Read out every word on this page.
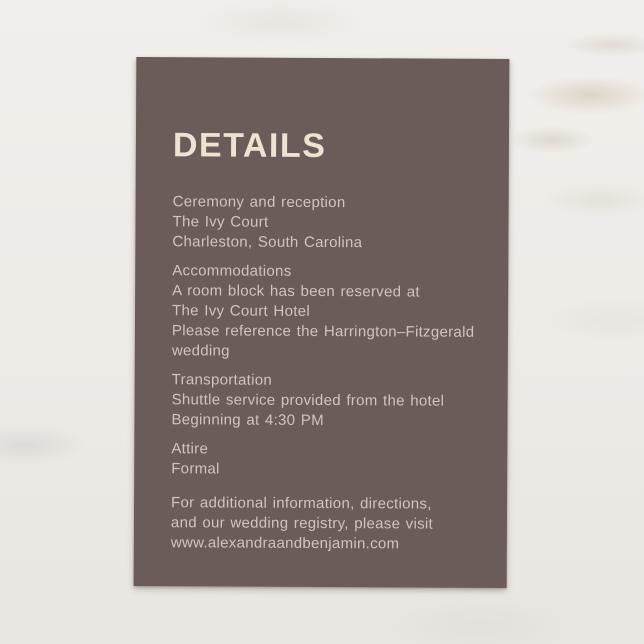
DETAILS
Ceremony and reception
The Ivy Court
Charleston, South Carolina
Accommodations
A room block has been reserved at
The Ivy Court Hotel
Please reference the Harrington–Fitzgerald
wedding
Transportation
Shuttle service provided from the hotel
Beginning at 4:30 PM
Attire
Formal
For additional information, directions,
and our wedding registry, please visit
www.alexandraandbenjamin.com
